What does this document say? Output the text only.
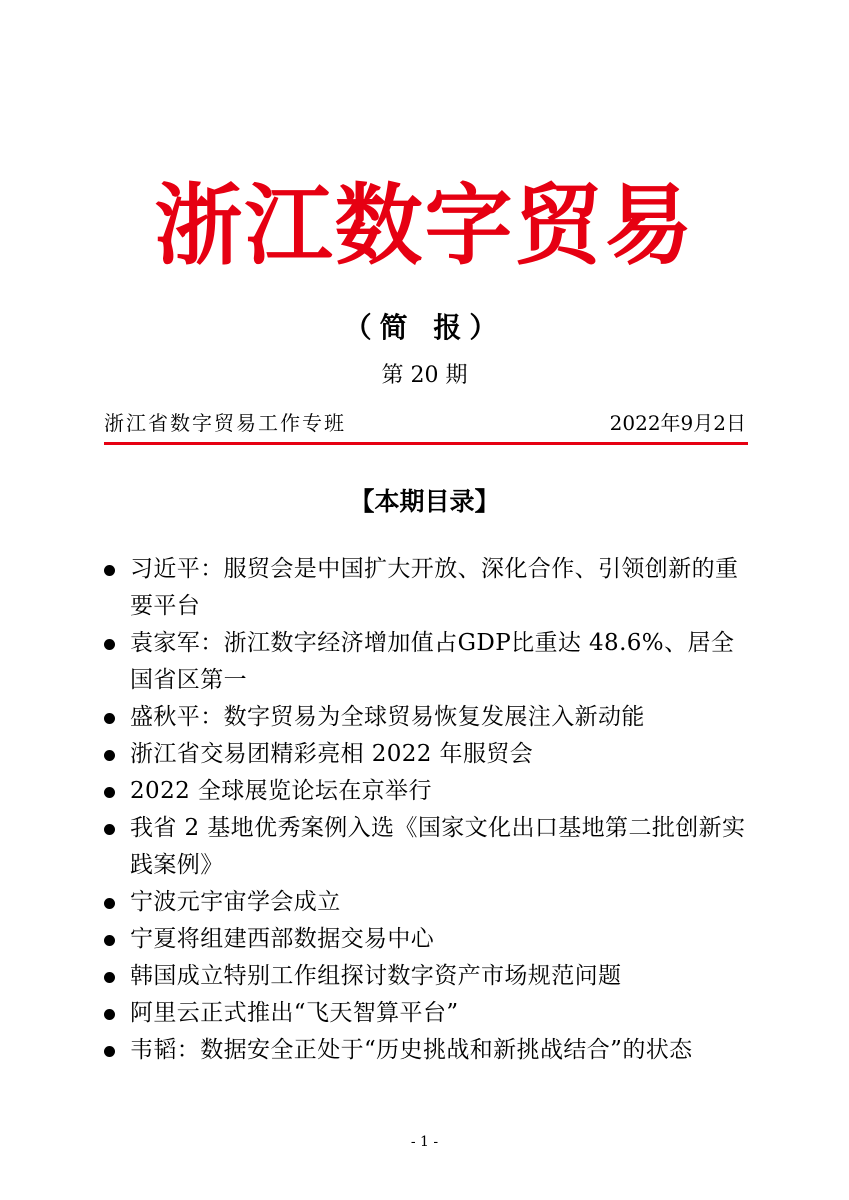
浙江数字贸易
（简 报）
第 20 期
浙江省数字贸易工作专班	2022年9月2日
【本期目录】
习近平：服贸会是中国扩大开放、深化合作、引领创新的重要平台
袁家军：浙江数字经济增加值占GDP比重达 48.6%、居全国省区第一
盛秋平：数字贸易为全球贸易恢复发展注入新动能
浙江省交易团精彩亮相 2022 年服贸会
2022 全球展览论坛在京举行
我省 2 基地优秀案例入选《国家文化出口基地第二批创新实践案例》
宁波元宇宙学会成立
宁夏将组建西部数据交易中心
韩国成立特别工作组探讨数字资产市场规范问题
阿里云正式推出“飞天智算平台”
韦韬：数据安全正处于“历史挑战和新挑战结合”的状态
- 1 -
